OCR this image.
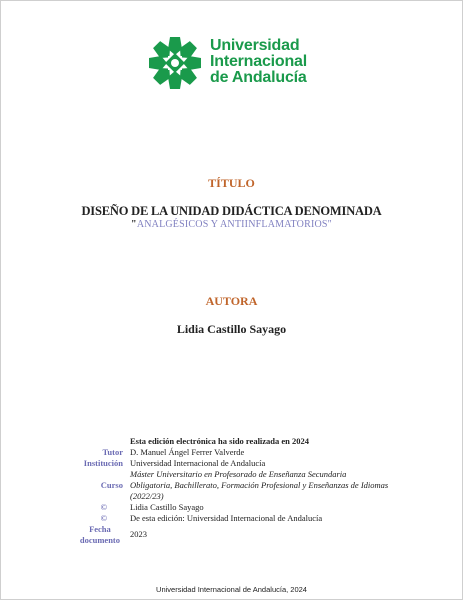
Universidad
Internacional
de Andalucía
TÍTULO
DISEÑO DE LA UNIDAD DIDÁCTICA DENOMINADA
"ANALGÉSICOS Y ANTIINFLAMATORIOS"
AUTORA
Lidia Castillo Sayago
Esta edición electrónica ha sido realizada en 2024
Tutor D. Manuel Ángel Ferrer Valverde
Institución Universidad Internacional de Andalucía
Curso
Máster Universitario en Profesorado de Enseñanza Secundaria
Obligatoria, Bachillerato, Formación Profesional y Enseñanzas de Idiomas
(2022/23)
©	Lidia Castillo Sayago
©	De esta edición: Universidad Internacional de Andalucía
Fecha
documento
2023
Universidad Internacional de Andalucía, 2024
